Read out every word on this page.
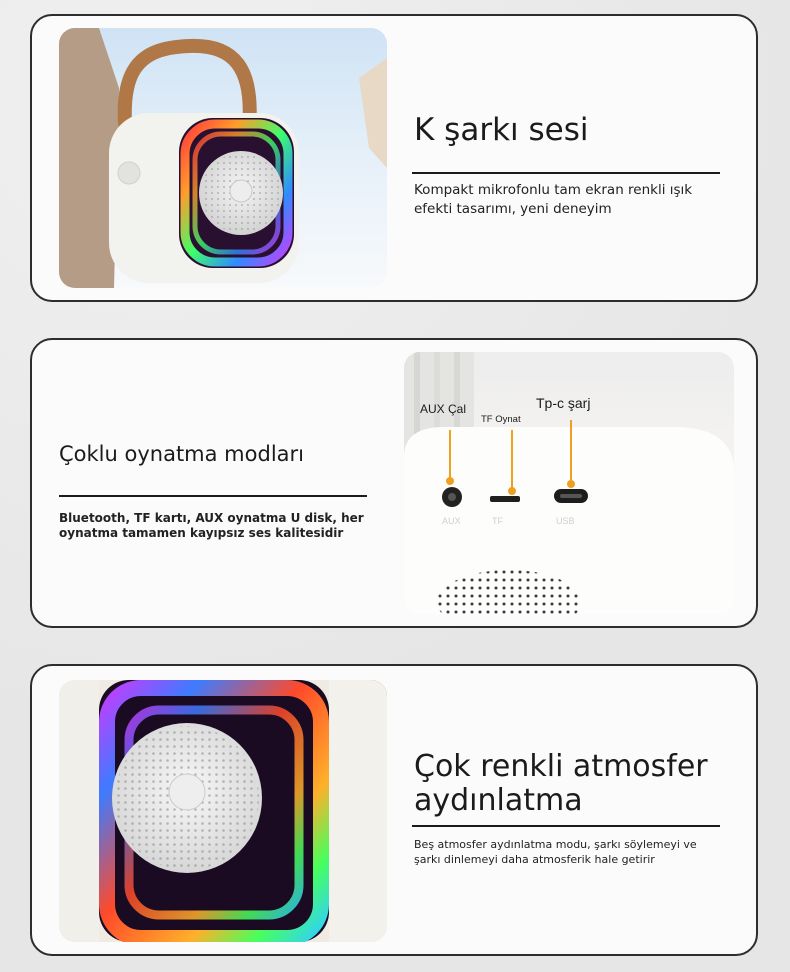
K şarkı sesi

Kompakt mikrofonlu tam ekran renkli ışık efekti tasarımı, yeni deneyim

Çoklu oynatma modları

Bluetooth, TF kartı, AUX oynatma U disk, her oynatma tamamen kayıpsız ses kalitesidir

AUX	TF	USB
AUX Çal
TF Oynat
Tp-c şarj
Çok renkli atmosfer aydınlatma

Beş atmosfer aydınlatma modu, şarkı söylemeyi ve şarkı dinlemeyi daha atmosferik hale getirir
